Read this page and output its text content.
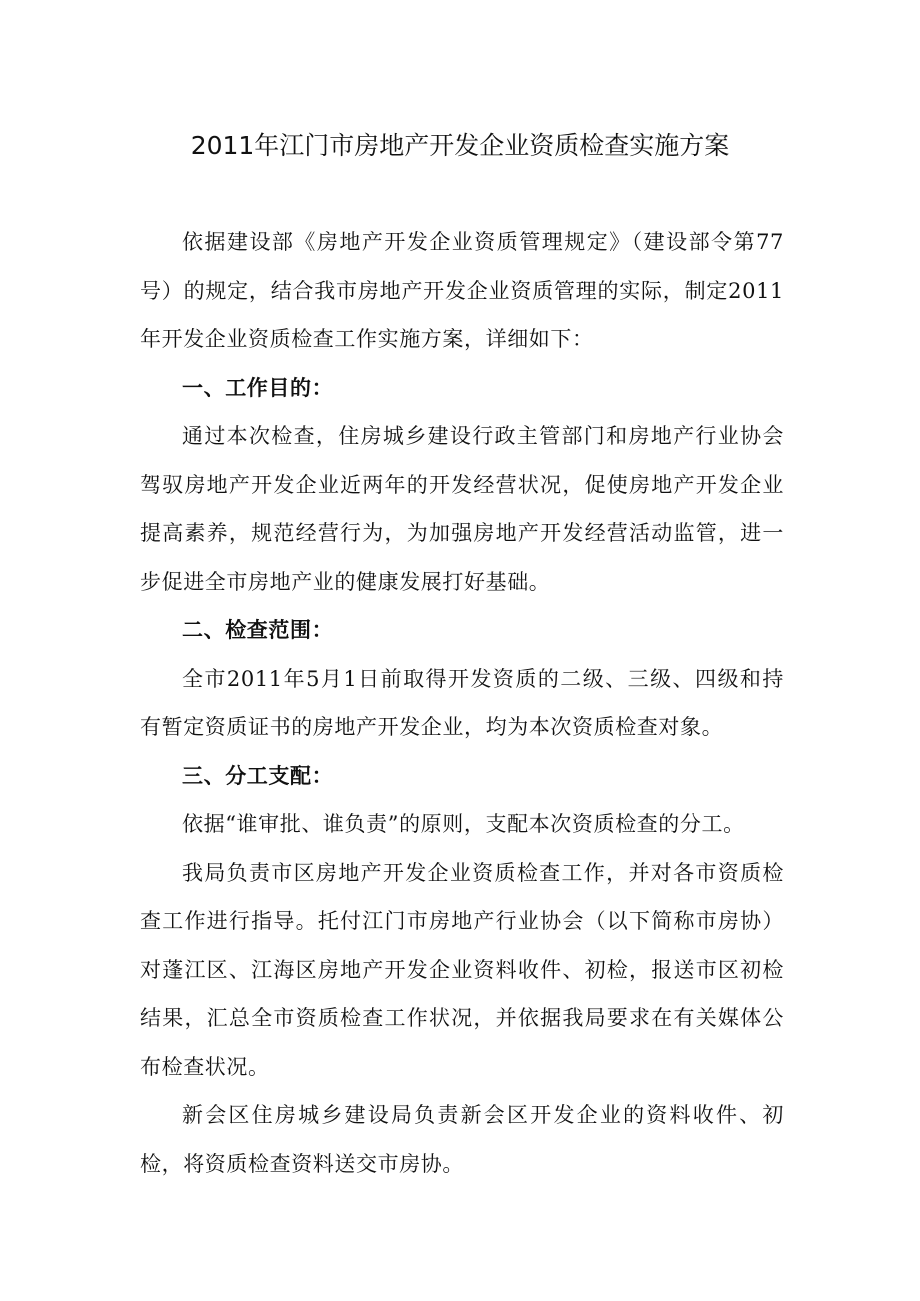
2011年江门市房地产开发企业资质检查实施方案

依据建设部《房地产开发企业资质管理规定》（建设部令第77号）的规定，结合我市房地产开发企业资质管理的实际，制定2011年开发企业资质检查工作实施方案，详细如下：

一、工作目的：

通过本次检查，住房城乡建设行政主管部门和房地产行业协会驾驭房地产开发企业近两年的开发经营状况，促使房地产开发企业提高素养，规范经营行为，为加强房地产开发经营活动监管，进一步促进全市房地产业的健康发展打好基础。

二、检查范围：

全市2011年5月1日前取得开发资质的二级、三级、四级和持有暂定资质证书的房地产开发企业，均为本次资质检查对象。

三、分工支配：

依据“谁审批、谁负责”的原则，支配本次资质检查的分工。

我局负责市区房地产开发企业资质检查工作，并对各市资质检查工作进行指导。托付江门市房地产行业协会（以下简称市房协）对蓬江区、江海区房地产开发企业资料收件、初检，报送市区初检结果，汇总全市资质检查工作状况，并依据我局要求在有关媒体公布检查状况。

新会区住房城乡建设局负责新会区开发企业的资料收件、初检，将资质检查资料送交市房协。
